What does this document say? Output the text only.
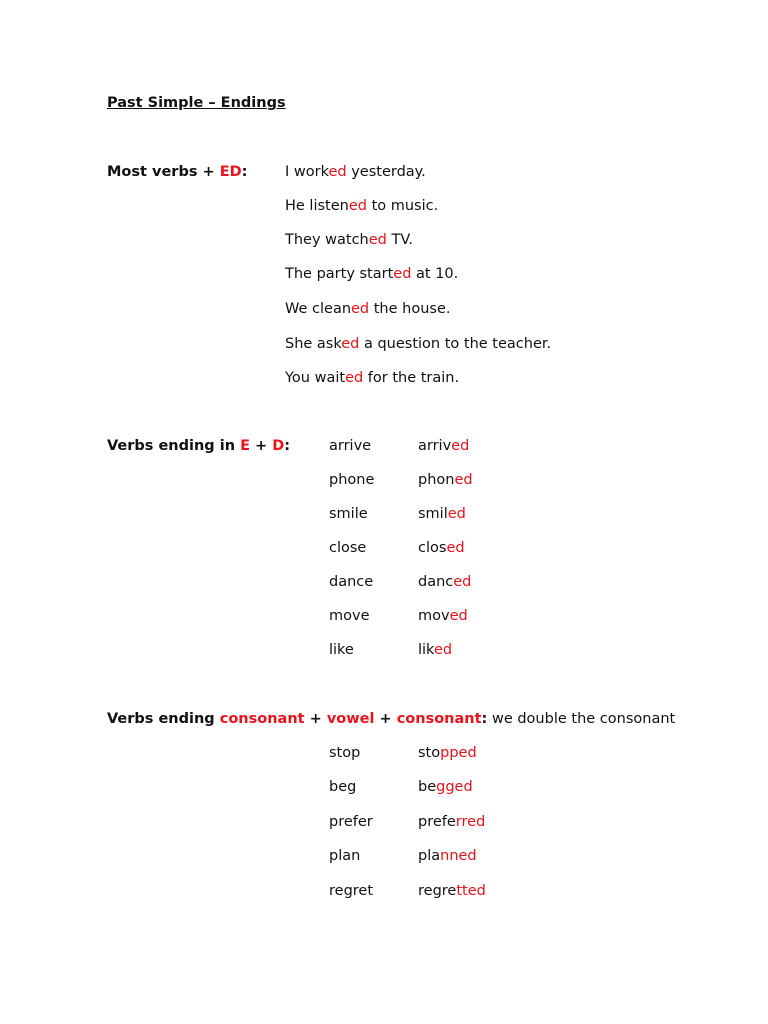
Past Simple – Endings
Most verbs + ED:	I worked yesterday.
He listened to music.
They watched TV.
The party started at 10.
We cleaned the house.
She asked a question to the teacher.
You waited for the train.
Verbs ending in E + D:	arrive	arrived
phone	phoned
smile	smiled
close	closed
dance	danced
move	moved
like	liked
Verbs ending consonant + vowel + consonant: we double the consonant
stop	stopped
beg	begged
prefer	preferred
plan	planned
regret	regretted
